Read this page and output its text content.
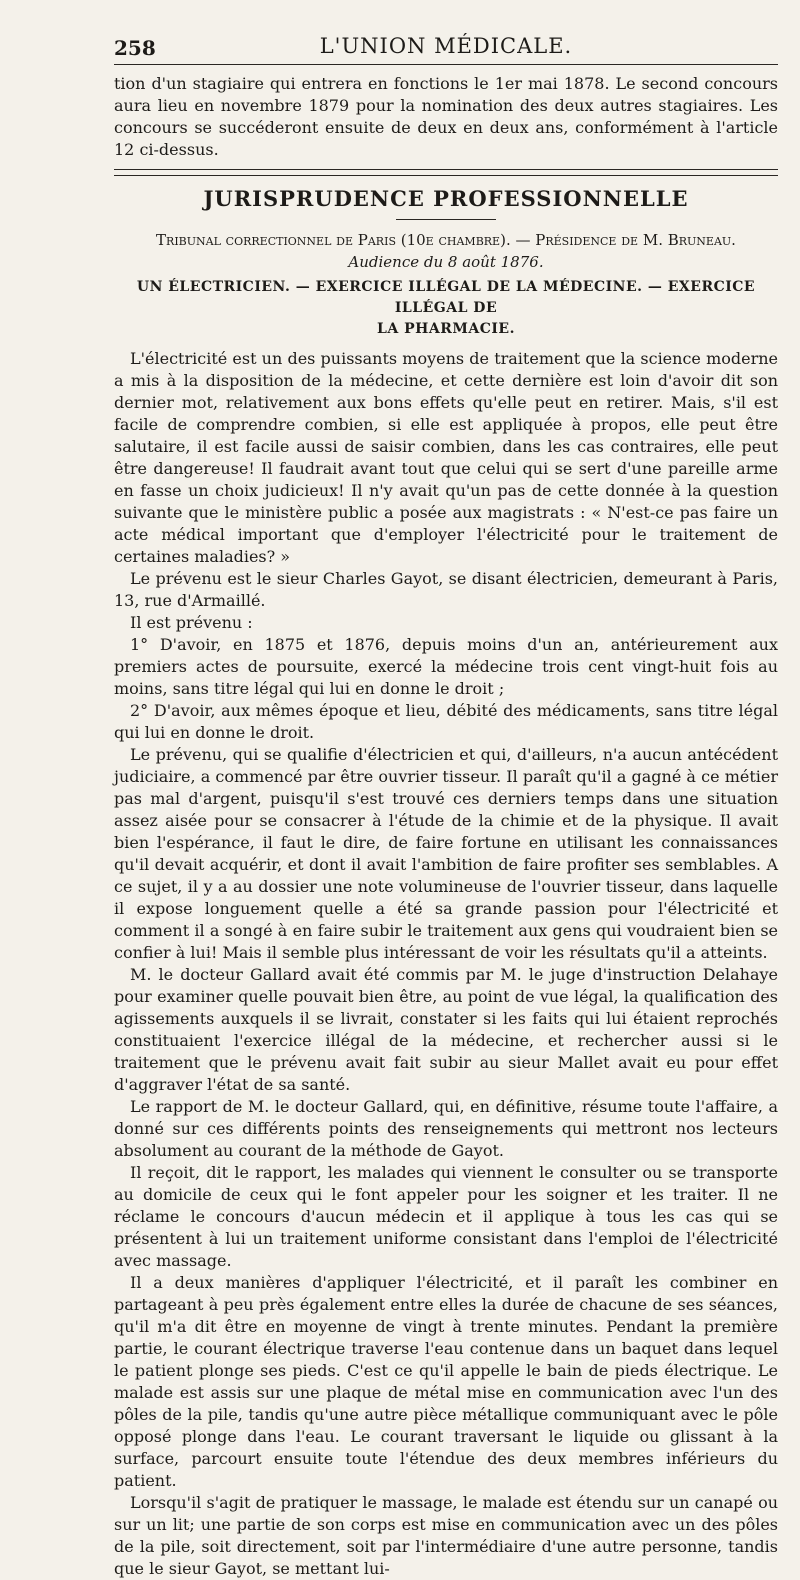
258	L'UNION MÉDICALE.

tion d'un stagiaire qui entrera en fonctions le 1er mai 1878. Le second concours aura lieu en novembre 1879 pour la nomination des deux autres stagiaires. Les concours se succéderont ensuite de deux en deux ans, conformément à l'article 12 ci-dessus.

JURISPRUDENCE PROFESSIONNELLE
Tribunal correctionnel de Paris (10e chambre). — Présidence de M. Bruneau.
Audience du 8 août 1876.
UN ÉLECTRICIEN. — EXERCICE ILLÉGAL DE LA MÉDECINE. — EXERCICE ILLÉGAL DE
LA PHARMACIE.

L'électricité est un des puissants moyens de traitement que la science moderne a mis à la disposition de la médecine, et cette dernière est loin d'avoir dit son dernier mot, relativement aux bons effets qu'elle peut en retirer. Mais, s'il est facile de comprendre combien, si elle est appliquée à propos, elle peut être salutaire, il est facile aussi de saisir combien, dans les cas contraires, elle peut être dangereuse! Il faudrait avant tout que celui qui se sert d'une pareille arme en fasse un choix judicieux! Il n'y avait qu'un pas de cette donnée à la question suivante que le ministère public a posée aux magistrats : « N'est-ce pas faire un acte médical important que d'employer l'électricité pour le traitement de certaines maladies? »

Le prévenu est le sieur Charles Gayot, se disant électricien, demeurant à Paris, 13, rue d'Armaillé.

Il est prévenu :

1° D'avoir, en 1875 et 1876, depuis moins d'un an, antérieurement aux premiers actes de poursuite, exercé la médecine trois cent vingt-huit fois au moins, sans titre légal qui lui en donne le droit ;

2° D'avoir, aux mêmes époque et lieu, débité des médicaments, sans titre légal qui lui en donne le droit.

Le prévenu, qui se qualifie d'électricien et qui, d'ailleurs, n'a aucun antécédent judiciaire, a commencé par être ouvrier tisseur. Il paraît qu'il a gagné à ce métier pas mal d'argent, puisqu'il s'est trouvé ces derniers temps dans une situation assez aisée pour se consacrer à l'étude de la chimie et de la physique. Il avait bien l'espérance, il faut le dire, de faire fortune en utilisant les connaissances qu'il devait acquérir, et dont il avait l'ambition de faire profiter ses semblables. A ce sujet, il y a au dossier une note volumineuse de l'ouvrier tisseur, dans laquelle il expose longuement quelle a été sa grande passion pour l'électricité et comment il a songé à en faire subir le traitement aux gens qui voudraient bien se confier à lui! Mais il semble plus intéressant de voir les résultats qu'il a atteints.

M. le docteur Gallard avait été commis par M. le juge d'instruction Delahaye pour examiner quelle pouvait bien être, au point de vue légal, la qualification des agissements auxquels il se livrait, constater si les faits qui lui étaient reprochés constituaient l'exercice illégal de la médecine, et rechercher aussi si le traitement que le prévenu avait fait subir au sieur Mallet avait eu pour effet d'aggraver l'état de sa santé.

Le rapport de M. le docteur Gallard, qui, en définitive, résume toute l'affaire, a donné sur ces différents points des renseignements qui mettront nos lecteurs absolument au courant de la méthode de Gayot.

Il reçoit, dit le rapport, les malades qui viennent le consulter ou se transporte au domicile de ceux qui le font appeler pour les soigner et les traiter. Il ne réclame le concours d'aucun médecin et il applique à tous les cas qui se présentent à lui un traitement uniforme consistant dans l'emploi de l'électricité avec massage.

Il a deux manières d'appliquer l'électricité, et il paraît les combiner en partageant à peu près également entre elles la durée de chacune de ses séances, qu'il m'a dit être en moyenne de vingt à trente minutes. Pendant la première partie, le courant électrique traverse l'eau contenue dans un baquet dans lequel le patient plonge ses pieds. C'est ce qu'il appelle le bain de pieds électrique. Le malade est assis sur une plaque de métal mise en communication avec l'un des pôles de la pile, tandis qu'une autre pièce métallique communiquant avec le pôle opposé plonge dans l'eau. Le courant traversant le liquide ou glissant à la surface, parcourt ensuite toute l'étendue des deux membres inférieurs du patient.

Lorsqu'il s'agit de pratiquer le massage, le malade est étendu sur un canapé ou sur un lit; une partie de son corps est mise en communication avec un des pôles de la pile, soit directement, soit par l'intermédiaire d'une autre personne, tandis que le sieur Gayot, se mettant lui-
